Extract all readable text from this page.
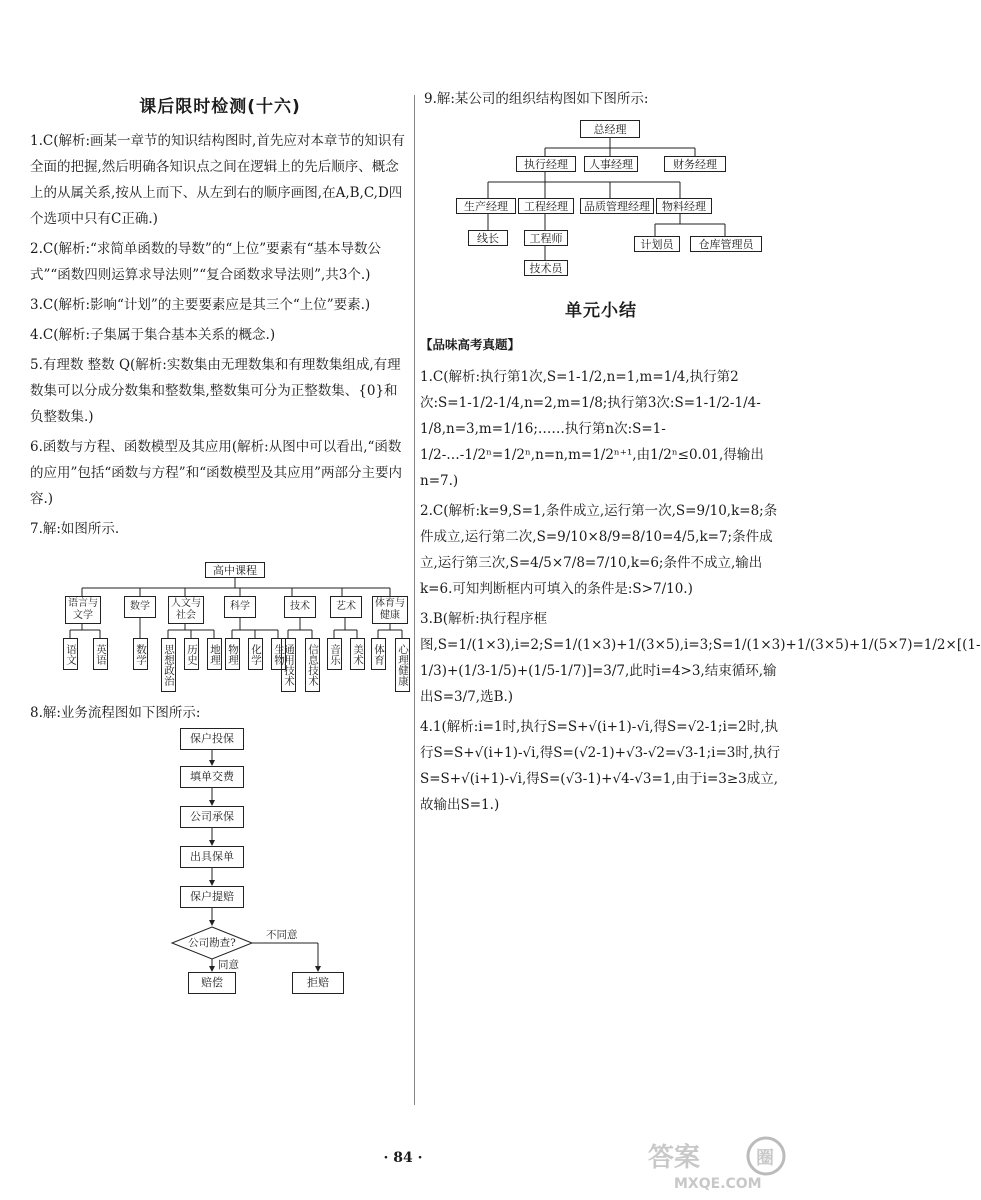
课后限时检测(十六)

1.C(解析:画某一章节的知识结构图时,首先应对本章节的知识有全面的把握,然后明确各知识点之间在逻辑上的先后顺序、概念上的从属关系,按从上而下、从左到右的顺序画图,在A,B,C,D四个选项中只有C正确.)

2.C(解析:“求简单函数的导数”的“上位”要素有“基本导数公式”“函数四则运算求导法则”“复合函数求导法则”,共3个.)

3.C(解析:影响“计划”的主要要素应是其三个“上位”要素.)

4.C(解析:子集属于集合基本关系的概念.)

5.有理数 整数 Q(解析:实数集由无理数集和有理数集组成,有理数集可以分成分数集和整数集,整数集可分为正整数集、{0}和负整数集.)

6.函数与方程、函数模型及其应用(解析:从图中可以看出,“函数的应用”包括“函数与方程”和“函数模型及其应用”两部分主要内容.)

7.解:如图所示.

高中课程
语言与文学
数学	人文与社会
科学	技术	艺术	体育与健康
语文 英语	数学 思想政治 历史 地理 物理 化学 生物
通用技术 信息技术 音乐 美术 体育 心理健康

8.解:业务流程图如下图所示:

保户投保
填单交费
公司承保
出具保单
保户提赔
公司勘查?
不同意
同意
赔偿	拒赔

9.解:某公司的组织结构图如下图所示:

总经理
执行经理	人事经理	财务经理
生产经理	工程经理	品质管理经理	物料经理
线长	工程师
技术员
计划员	仓库管理员
单元小结
【品味高考真题】

1.C(解析:执行第1次,S=1-1/2,n=1,m=1/4,执行第2次:S=1-1/2-1/4,n=2,m=1/8;执行第3次:S=1-1/2-1/4-1/8,n=3,m=1/16;……执行第n次:S=1-1/2-…-1/2ⁿ=1/2ⁿ,n=n,m=1/2ⁿ⁺¹,由1/2ⁿ≤0.01,得输出n=7.)

2.C(解析:k=9,S=1,条件成立,运行第一次,S=9/10,k=8;条件成立,运行第二次,S=9/10×8/9=8/10=4/5,k=7;条件成立,运行第三次,S=4/5×7/8=7/10,k=6;条件不成立,输出k=6.可知判断框内可填入的条件是:S>7/10.)

3.B(解析:执行程序框图,S=1/(1×3),i=2;S=1/(1×3)+1/(3×5),i=3;S=1/(1×3)+1/(3×5)+1/(5×7)=1/2×[(1-1/3)+(1/3-1/5)+(1/5-1/7)]=3/7,此时i=4>3,结束循环,输出S=3/7,选B.)

4.1(解析:i=1时,执行S=S+√(i+1)-√i,得S=√2-1;i=2时,执行S=S+√(i+1)-√i,得S=(√2-1)+√3-√2=√3-1;i=3时,执行S=S+√(i+1)-√i,得S=(√3-1)+√4-√3=1,由于i=3≥3成立,故输出S=1.)

· 84 ·	答案	圈
MXQE.COM
